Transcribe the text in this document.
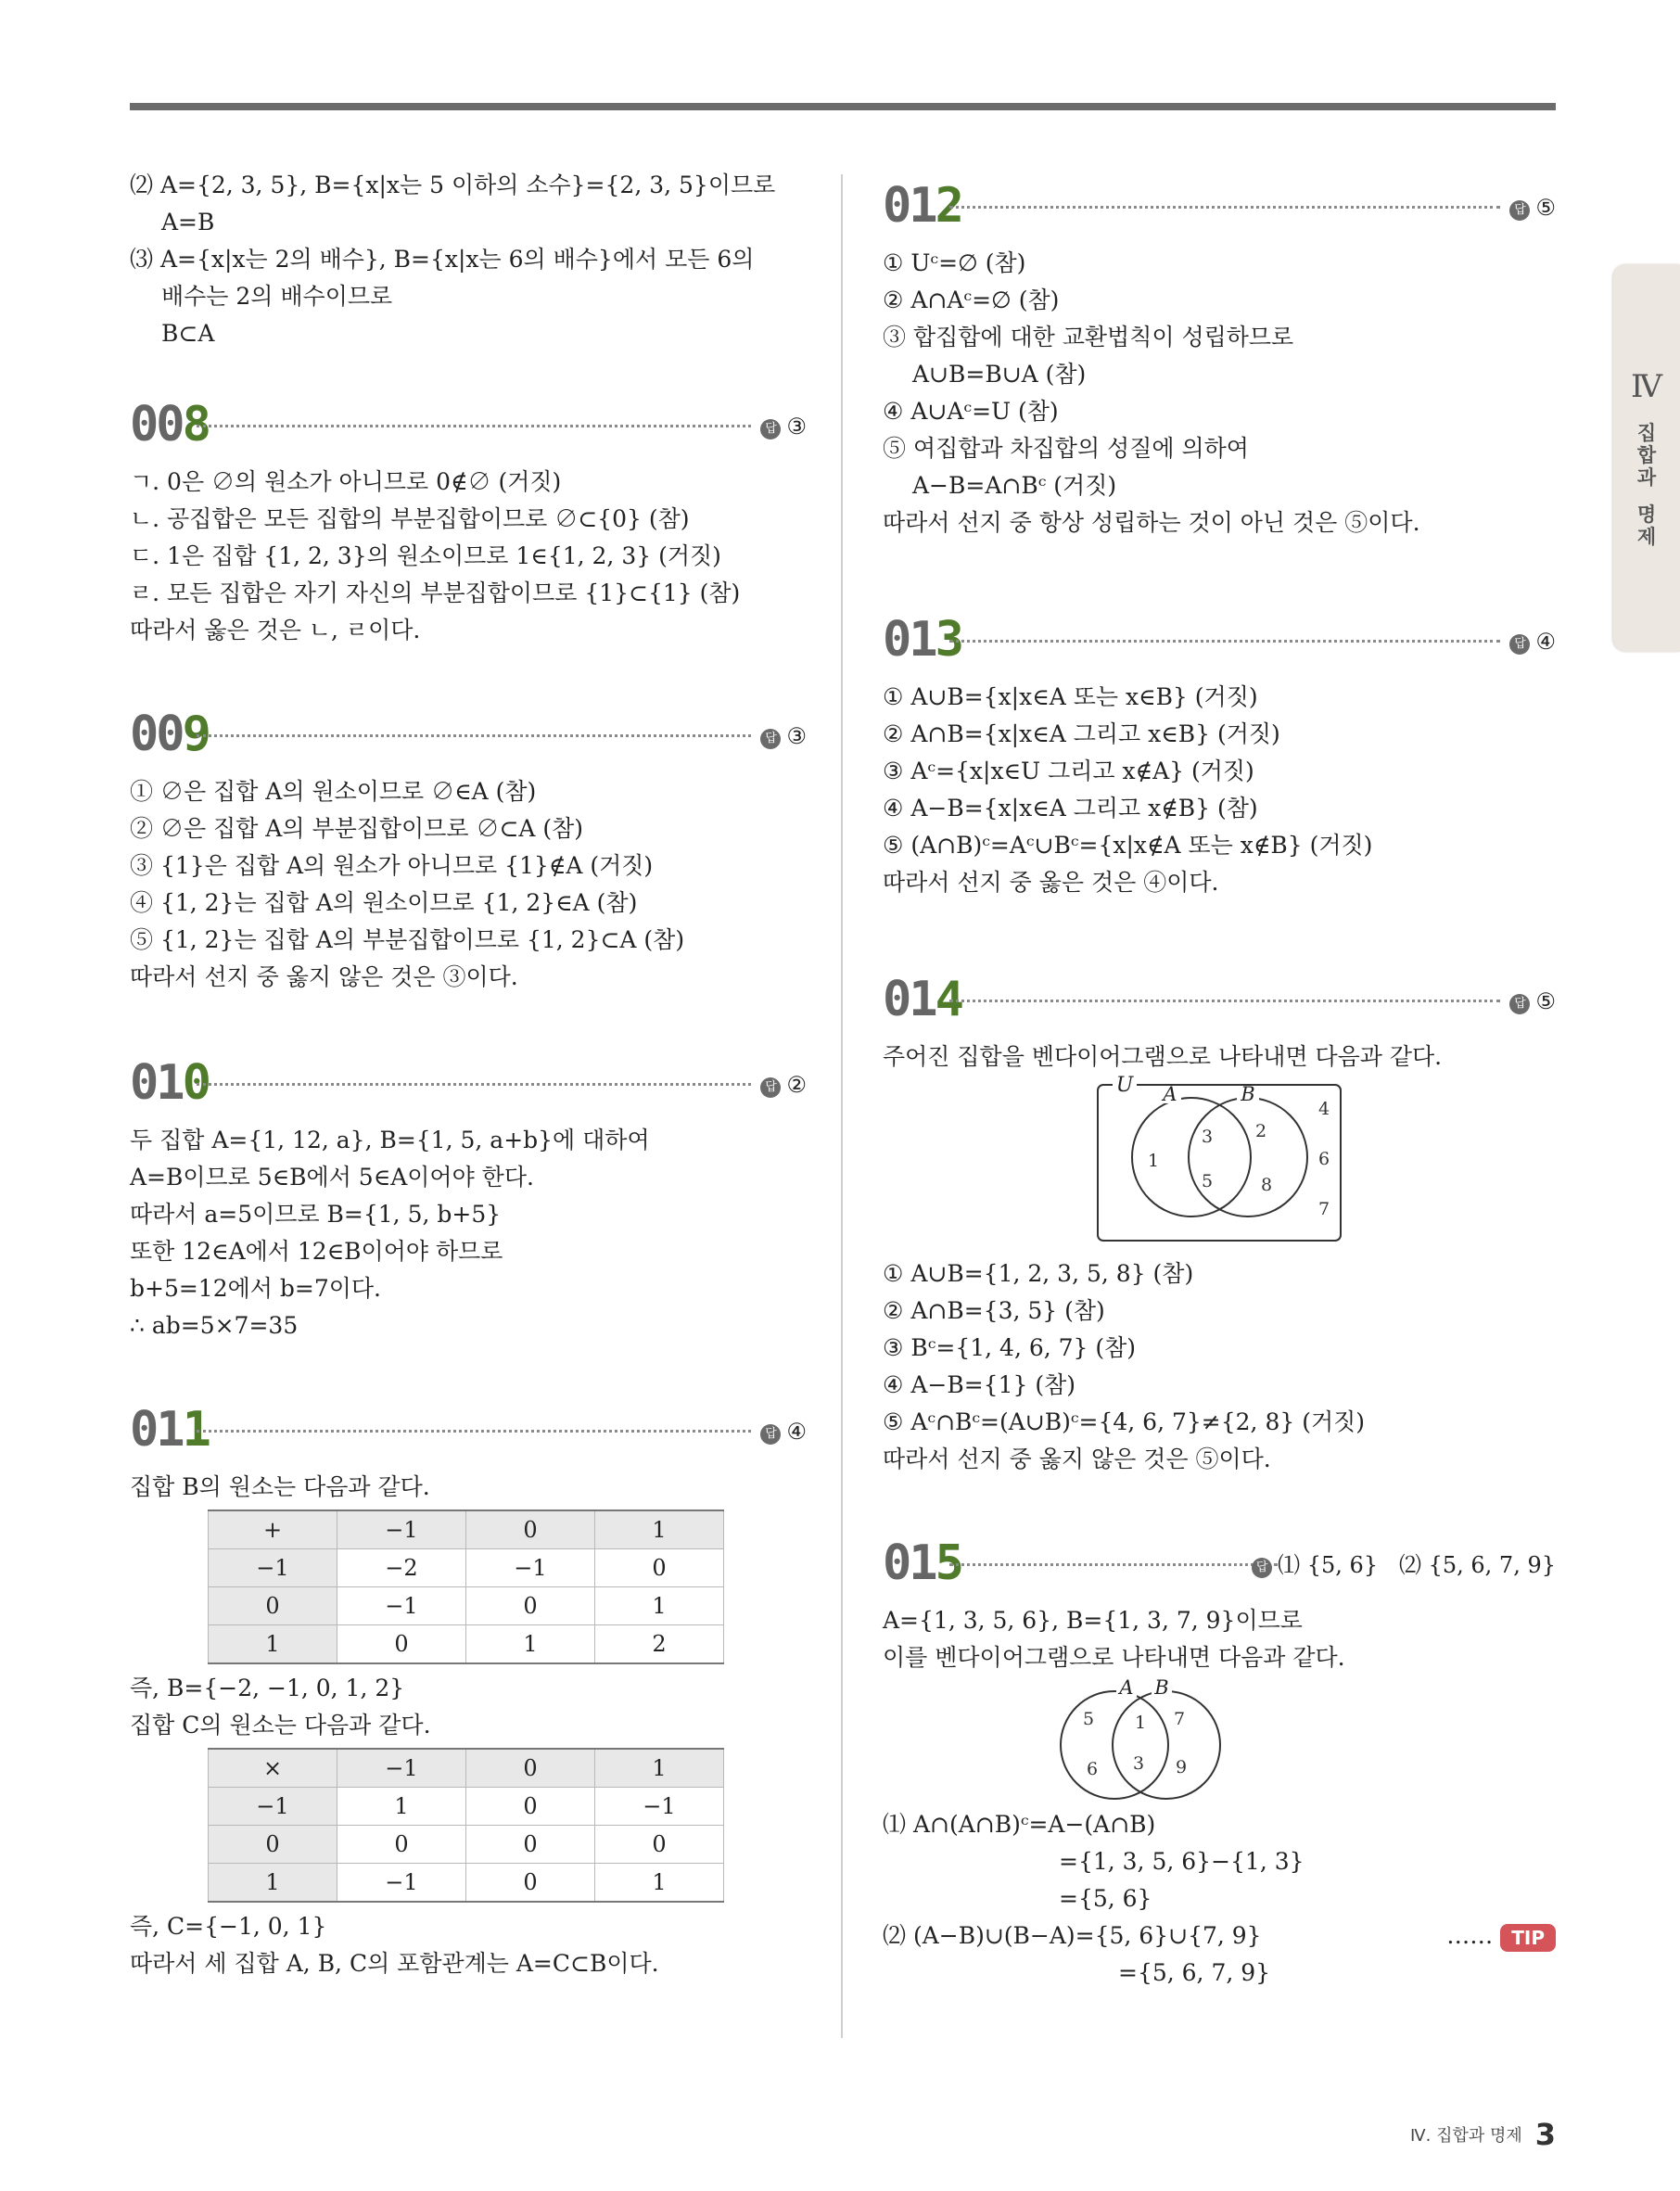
Ⅳ
집
합
과
명
제
⑵ A={2, 3, 5}, B={x|x는 5 이하의 소수}={2, 3, 5}이므로
A=B
⑶ A={x|x는 2의 배수}, B={x|x는 6의 배수}에서 모든 6의
배수는 2의 배수이므로
B⊂A
008	답 ③
ㄱ. 0은 ∅의 원소가 아니므로 0∉∅ (거짓)
ㄴ. 공집합은 모든 집합의 부분집합이므로 ∅⊂{0} (참)
ㄷ. 1은 집합 {1, 2, 3}의 원소이므로 1∈{1, 2, 3} (거짓)
ㄹ. 모든 집합은 자기 자신의 부분집합이므로 {1}⊂{1} (참)
따라서 옳은 것은 ㄴ, ㄹ이다.
009	답 ③
① ∅은 집합 A의 원소이므로 ∅∈A (참)
② ∅은 집합 A의 부분집합이므로 ∅⊂A (참)
③ {1}은 집합 A의 원소가 아니므로 {1}∉A (거짓)
④ {1, 2}는 집합 A의 원소이므로 {1, 2}∈A (참)
⑤ {1, 2}는 집합 A의 부분집합이므로 {1, 2}⊂A (참)
따라서 선지 중 옳지 않은 것은 ③이다.
010	답 ②
두 집합 A={1, 12, a}, B={1, 5, a+b}에 대하여
A=B이므로 5∈B에서 5∈A이어야 한다.
따라서 a=5이므로 B={1, 5, b+5}
또한 12∈A에서 12∈B이어야 하므로
b+5=12에서 b=7이다.
∴ ab=5×7=35
011	답 ④
집합 B의 원소는 다음과 같다.
+	−1	0	1
−1	−2	−1	0
0	−1	0	1
1	0	1	2
즉, B={−2, −1, 0, 1, 2}
집합 C의 원소는 다음과 같다.
×	−1	0	1
−1	1	0	−1
0	0	0	0
1	−1	0	1
즉, C={−1, 0, 1}
따라서 세 집합 A, B, C의 포함관계는 A=C⊂B이다.
012	답 ⑤
① Uᶜ=∅ (참)
② A∩Aᶜ=∅ (참)
③ 합집합에 대한 교환법칙이 성립하므로
A∪B=B∪A (참)
④ A∪Aᶜ=U (참)
⑤ 여집합과 차집합의 성질에 의하여
A−B=A∩Bᶜ (거짓)
따라서 선지 중 항상 성립하는 것이 아닌 것은 ⑤이다.
013	답 ④
① A∪B={x|x∈A 또는 x∈B} (거짓)
② A∩B={x|x∈A 그리고 x∈B} (거짓)
③ Aᶜ={x|x∈U 그리고 x∉A} (거짓)
④ A−B={x|x∈A 그리고 x∉B} (참)
⑤ (A∩B)ᶜ=Aᶜ∪Bᶜ={x|x∉A 또는 x∉B} (거짓)
따라서 선지 중 옳은 것은 ④이다.
014	답 ⑤
주어진 집합을 벤다이어그램으로 나타내면 다음과 같다.
U A	B
1
3
5
2
8
4
6
7
① A∪B={1, 2, 3, 5, 8} (참)
② A∩B={3, 5} (참)
③ Bᶜ={1, 4, 6, 7} (참)
④ A−B={1} (참)
⑤ Aᶜ∩Bᶜ=(A∪B)ᶜ={4, 6, 7}≠{2, 8} (거짓)
따라서 선지 중 옳지 않은 것은 ⑤이다.
015	답 ⑴ {5, 6}   ⑵ {5, 6, 7, 9}
A={1, 3, 5, 6}, B={1, 3, 7, 9}이므로
이를 벤다이어그램으로 나타내면 다음과 같다.
A B
5
6
1
3
7
9
⑴ A∩(A∩B)ᶜ=A−(A∩B)
={1, 3, 5, 6}−{1, 3}
={5, 6}
⑵ (A−B)∪(B−A)={5, 6}∪{7, 9}	…… TIP
={5, 6, 7, 9}
Ⅳ. 집합과 명제 3
